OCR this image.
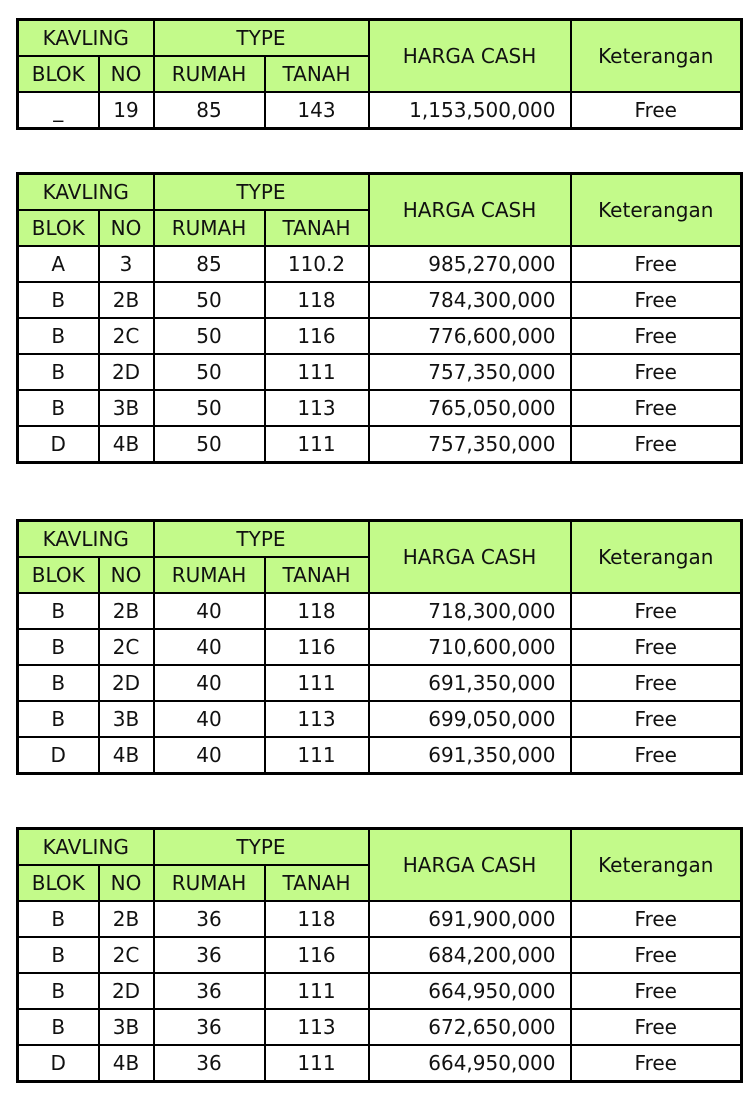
KAVLING		TYPE		HARGA CASH	Keterangan
BLOK	NO	RUMAH	TANAH		
_	19	85	143	1,153,500,000	Free
KAVLING		TYPE		HARGA CASH	Keterangan
BLOK	NO	RUMAH	TANAH		
A	3	85	110.2	985,270,000	Free
B	2B	50	118	784,300,000	Free
B	2C	50	116	776,600,000	Free
B	2D	50	111	757,350,000	Free
B	3B	50	113	765,050,000	Free
D	4B	50	111	757,350,000	Free
KAVLING		TYPE		HARGA CASH	Keterangan
BLOK	NO	RUMAH	TANAH		
B	2B	40	118	718,300,000	Free
B	2C	40	116	710,600,000	Free
B	2D	40	111	691,350,000	Free
B	3B	40	113	699,050,000	Free
D	4B	40	111	691,350,000	Free
KAVLING		TYPE		HARGA CASH	Keterangan
BLOK	NO	RUMAH	TANAH		
B	2B	36	118	691,900,000	Free
B	2C	36	116	684,200,000	Free
B	2D	36	111	664,950,000	Free
B	3B	36	113	672,650,000	Free
D	4B	36	111	664,950,000	Free
